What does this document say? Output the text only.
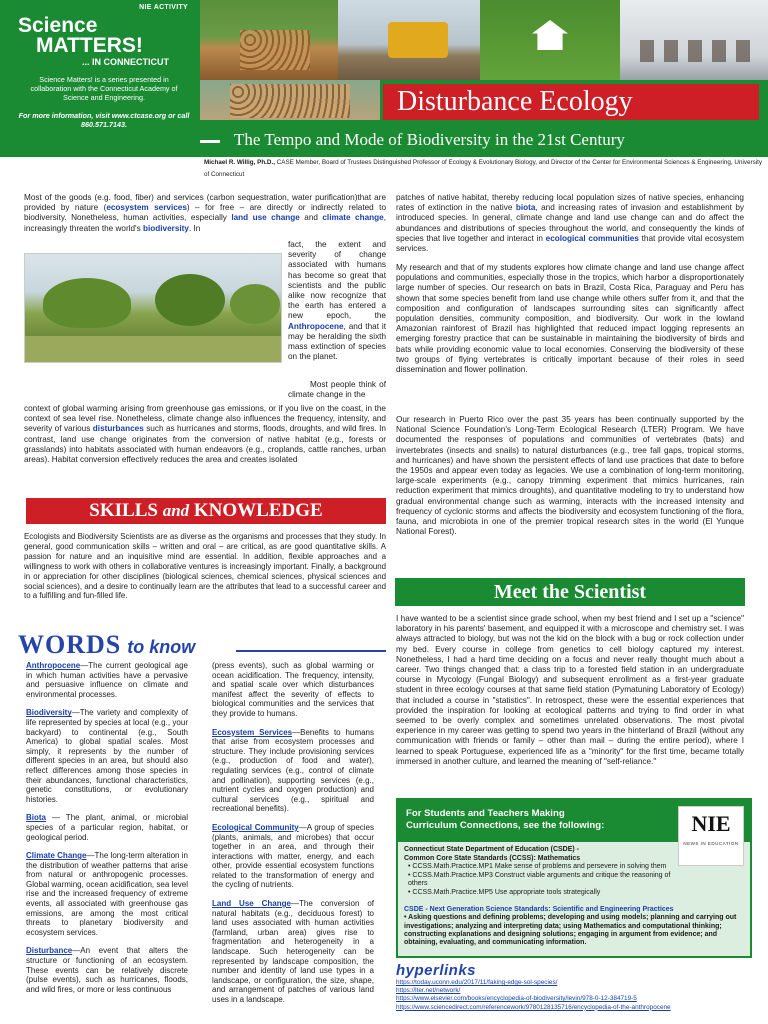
NIE ACTIVITY
Science
MATTERS!
... IN CONNECTICUT
Science Matters! is a series presented in collaboration with the Connecticut Academy of Science and Engineering.
For more information, visit www.ctcase.org or call 860.571.7143.
Disturbance Ecology
The Tempo and Mode of Biodiversity in the 21st Century
Michael R. Willig, Ph.D., CASE Member, Board of Trustees Distinguished Professor of Ecology & Evolutionary Biology, and Director of the Center for Environmental Sciences & Engineering, University of Connecticut
Most of the goods (e.g. food, fiber) and services (carbon sequestration, water purification)that are provided by nature (ecosystem services) – for free – are directly or indirectly related to biodiversity. Nonetheless, human activities, especially land use change and climate change, increasingly threaten the world's biodiversity. In
fact, the extent and severity of change associated with humans has become so great that scientists and the public alike now recognize that the earth has entered a new epoch, the Anthropocene, and that it may be heralding the sixth mass extinction of species on the planet.
Most people think of climate change in the
context of global warming arising from greenhouse gas emissions, or if you live on the coast, in the context of sea level rise. Nonetheless, climate change also influences the frequency, intensity, and severity of various disturbances such as hurricanes and storms, floods, droughts, and wild fires. In contrast, land use change originates from the conversion of native habitat (e.g., forests or grasslands) into habitats associated with human endeavors (e.g., croplands, cattle ranches, urban areas). Habitat conversion effectively reduces the area and creates isolated
SKILLS and KNOWLEDGE
Ecologists and Biodiversity Scientists are as diverse as the organisms and processes that they study. In general, good communication skills – written and oral – are critical, as are good quantitative skills. A passion for nature and an inquisitive mind are essential. In addition, flexible approaches and a willingness to work with others in collaborative ventures is increasingly important. Finally, a background in or appreciation for other disciplines (biological sciences, chemical sciences, physical sciences and social sciences), and a desire to continually learn are the attributes that lead to a successful career and to a fulfilling and fun-filled life.
WORDS to know

Anthropocene—The current geological age in which human activities have a pervasive and persuasive influence on climate and environmental processes.

Biodiversity—The variety and complexity of life represented by species at local (e.g., your backyard) to continental (e.g., South America) to global spatial scales. Most simply, it represents by the number of different species in an area, but should also reflect differences among those species in their abundances, functional characteristics, genetic constitutions, or evolutionary histories.

Biota — The plant, animal, or microbial species of a particular region, habitat, or geological period.

Climate Change—The long-term alteration in the distribution of weather patterns that arise from natural or anthropogenic processes. Global warming, ocean acidification, sea level rise and the increased frequency of extreme events, all associated with greenhouse gas emissions, are among the most critical threats to planetary biodiversity and ecosystem services.

Disturbance—An event that alters the structure or functioning of an ecosystem. These events can be relatively discrete (pulse events), such as hurricanes, floods, and wild fires, or more or less continuous

(press events), such as global warming or ocean acidification. The frequency, intensity, and spatial scale over which disturbances manifest affect the severity of effects to biological communities and the services that they provide to humans.

Ecosystem Services—Benefits to humans that arise from ecosystem processes and structure. They include provisioning services (e.g., production of food and water), regulating services (e.g., control of climate and pollination), supporting services (e.g., nutrient cycles and oxygen production) and cultural services (e.g., spiritual and recreational benefits).

Ecological Community—A group of species (plants, animals, and microbes) that occur together in an area, and through their interactions with matter, energy, and each other, provide essential ecosystem functions related to the transformation of energy and the cycling of nutrients.

Land Use Change—The conversion of natural habitats (e.g., deciduous forest) to land uses associated with human activities (farmland, urban area) gives rise to fragmentation and heterogeneity in a landscape. Such heterogeneity can be represented by landscape composition, the number and identity of land use types in a landscape, or configuration, the size, shape, and arrangement of patches of various land uses in a landscape.

patches of native habitat, thereby reducing local population sizes of native species, enhancing rates of extinction in the native biota, and increasing rates of invasion and establishment by introduced species. In general, climate change and land use change can and do affect the abundances and distributions of species throughout the world, and consequently the kinds of species that live together and interact in ecological communities that provide vital ecosystem services.
My research and that of my students explores how climate change and land use change affect populations and communities, especially those in the tropics, which harbor a disproportionately large number of species. Our research on bats in Brazil, Costa Rica, Paraguay and Peru has shown that some species benefit from land use change while others suffer from it, and that the composition and configuration of landscapes surrounding sites can significantly affect population densities, community composition, and biodiversity. Our work in the lowland Amazonian rainforest of Brazil has highlighted that reduced impact logging represents an emerging forestry practice that can be sustainable in maintaining the biodiversity of birds and bats while providing economic value to local economies. Conserving the biodiversity of these two groups of flying vertebrates is critically important because of their roles in seed dissemination and flower pollination.
Our research in Puerto Rico over the past 35 years has been continually supported by the National Science Foundation's Long-Term Ecological Research (LTER) Program. We have documented the responses of populations and communities of vertebrates (bats) and invertebrates (insects and snails) to natural disturbances (e.g., tree fall gaps, tropical storms, and hurricanes) and have shown the persistent effects of land use practices that date to before the 1950s and appear even today as legacies. We use a combination of long-term monitoring, large-scale experiments (e.g., canopy trimming experiment that mimics hurricanes, rain reduction experiment that mimics droughts), and quantitative modeling to try to understand how gradual environmental change such as warming, interacts with the increased intensity and frequency of cyclonic storms and affects the biodiversity and ecosystem functioning of the flora, fauna, and microbiota in one of the premier tropical research sites in the world (El Yunque National Forest).
Meet the Scientist
I have wanted to be a scientist since grade school, when my best friend and I set up a "science" laboratory in his parents' basement, and equipped it with a microscope and chemistry set. I was always attracted to biology, but was not the kid on the block with a bug or rock collection under my bed. Every course in college from genetics to cell biology captured my interest. Nonetheless, I had a hard time deciding on a focus and never really thought much about a career. Two things changed that: a class trip to a forested field station in an undergraduate course in Mycology (Fungal Biology) and subsequent enrollment as a first-year graduate student in three ecology courses at that same field station (Pymatuning Laboratory of Ecology) that included a course in "statistics". In retrospect, these were the essential experiences that provided the inspiration for looking at ecological patterns and trying to find order in what seemed to be overly complex and sometimes unrelated observations. The most pivotal experience in my career was getting to spend two years in the hinterland of Brazil (without any communication with friends or family – other than mail – during the entire period), where I learned to speak Portuguese, experienced life as a "minority" for the first time, became totally immersed in another culture, and learned the meaning of "self-reliance."
For Students and Teachers Making
Curriculum Connections, see the following:	NIE
NEWS IN EDUCATION
Connecticut State Department of Education (CSDE) -
Common Core State Standards (CCSS): Mathematics
• CCSS.Math.Practice.MP1 Make sense of problems and persevere in solving them
• CCSS.Math.Practice.MP3 Construct viable arguments and critique the reasoning of others
• CCSS.Math.Practice.MP5 Use appropriate tools strategically
CSDE - Next Generation Science Standards: Scientific and Engineering Practices
• Asking questions and defining problems; developing and using models; planning and carrying out investigations; analyzing and interpreting data; using Mathematics and computational thinking; constructing explanations and designing solutions; engaging in argument from evidence; and obtaining, evaluating, and communicating information.
hyperlinks
https://today.uconn.edu/2017/11/faking-edge-sol-species/
https://lter.net/network/
https://www.elsevier.com/books/encyclopedia-of-biodiversity/levin/978-0-12-384719-5
https://www.sciencedirect.com/referencework/9780128135716/encyclopedia-of-the-anthropocene
